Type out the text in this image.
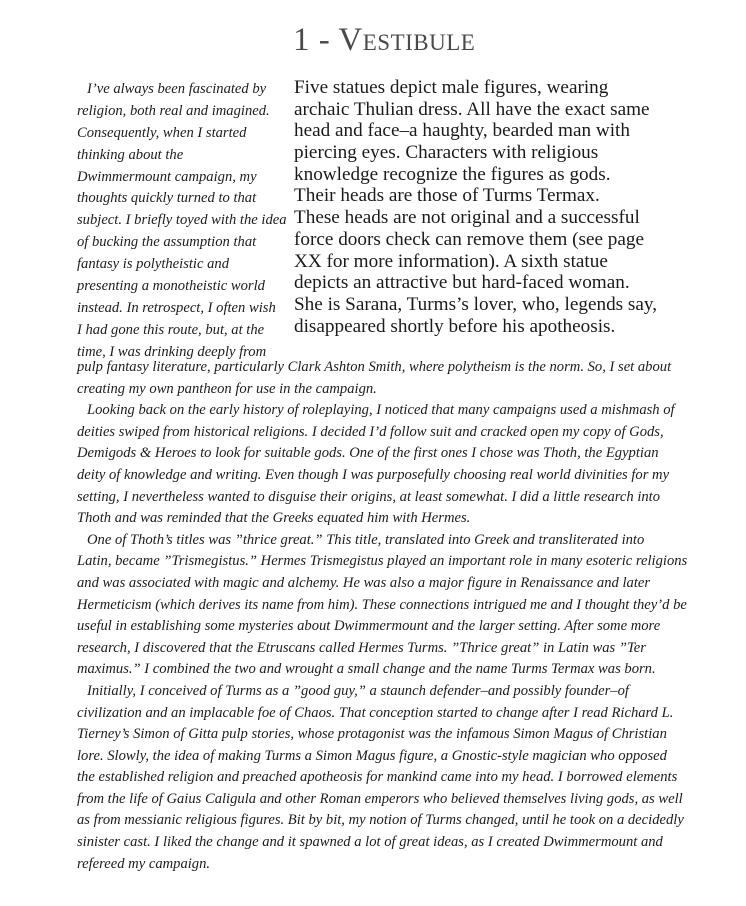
1 - Vestibule
I’ve always been fascinated by
religion, both real and imagined.
Consequently, when I started
thinking about the
Dwimmermount campaign, my
thoughts quickly turned to that
subject. I briefly toyed with the idea
of bucking the assumption that
fantasy is polytheistic and
presenting a monotheistic world
instead. In retrospect, I often wish
I had gone this route, but, at the
time, I was drinking deeply from
Five statues depict male figures, wearing
archaic Thulian dress. All have the exact same
head and face–a haughty, bearded man with
piercing eyes. Characters with religious
knowledge recognize the figures as gods.
Their heads are those of Turms Termax.
These heads are not original and a successful
force doors check can remove them (see page
XX for more information). A sixth statue
depicts an attractive but hard-faced woman.
She is Sarana, Turms’s lover, who, legends say,
disappeared shortly before his apotheosis.
pulp fantasy literature, particularly Clark Ashton Smith, where polytheism is the norm. So, I set about
creating my own pantheon for use in the campaign.
Looking back on the early history of roleplaying, I noticed that many campaigns used a mishmash of
deities swiped from historical religions. I decided I’d follow suit and cracked open my copy of Gods,
Demigods & Heroes to look for suitable gods. One of the first ones I chose was Thoth, the Egyptian
deity of knowledge and writing. Even though I was purposefully choosing real world divinities for my
setting, I nevertheless wanted to disguise their origins, at least somewhat. I did a little research into
Thoth and was reminded that the Greeks equated him with Hermes.
One of Thoth’s titles was ”thrice great.” This title, translated into Greek and transliterated into
Latin, became ”Trismegistus.” Hermes Trismegistus played an important role in many esoteric religions
and was associated with magic and alchemy. He was also a major figure in Renaissance and later
Hermeticism (which derives its name from him). These connections intrigued me and I thought they’d be
useful in establishing some mysteries about Dwimmermount and the larger setting. After some more
research, I discovered that the Etruscans called Hermes Turms. ”Thrice great” in Latin was ”Ter
maximus.” I combined the two and wrought a small change and the name Turms Termax was born.
Initially, I conceived of Turms as a ”good guy,” a staunch defender–and possibly founder–of
civilization and an implacable foe of Chaos. That conception started to change after I read Richard L.
Tierney’s Simon of Gitta pulp stories, whose protagonist was the infamous Simon Magus of Christian
lore. Slowly, the idea of making Turms a Simon Magus figure, a Gnostic-style magician who opposed
the established religion and preached apotheosis for mankind came into my head. I borrowed elements
from the life of Gaius Caligula and other Roman emperors who believed themselves living gods, as well
as from messianic religious figures. Bit by bit, my notion of Turms changed, until he took on a decidedly
sinister cast. I liked the change and it spawned a lot of great ideas, as I created Dwimmermount and
refereed my campaign.
